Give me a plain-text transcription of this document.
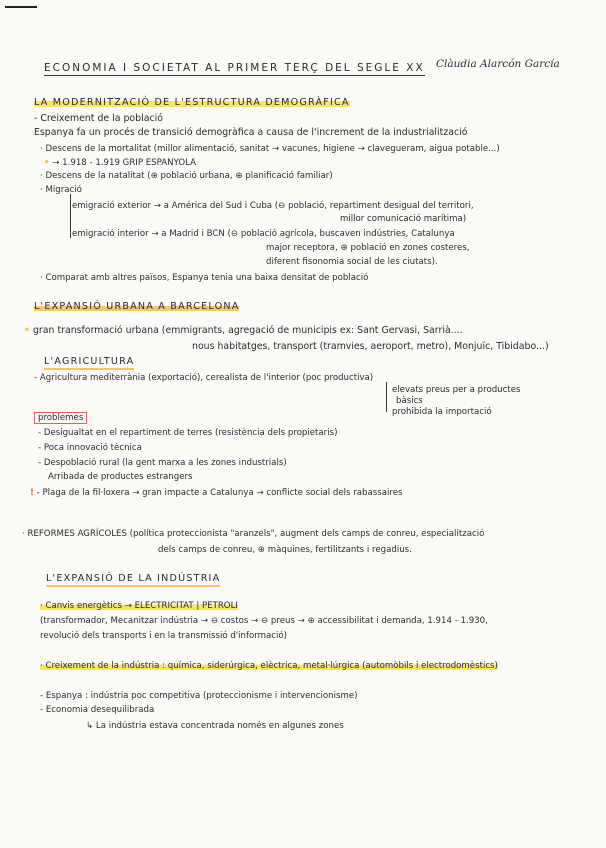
ECONOMIA I SOCIETAT AL PRIMER TERÇ DEL SEGLE XX Clàudia Alarcón García
LA MODERNITZACIÓ DE L'ESTRUCTURA DEMOGRÀFICA
- Creixement de la població
Espanya fa un procés de transició demogràfica a causa de l'increment de la industrialització
· Descens de la mortalitat (millor alimentació, sanitat → vacunes, higiene → clavegueram, aigua potable...)
• → 1.918 - 1.919 GRIP ESPANYOLA
· Descens de la natalitat (⊕ població urbana, ⊕ planificació familiar)
· Migració
emigració exterior → a América del Sud i Cuba (⊖ població, repartiment desigual del territori,
millor comunicació marítima)
emigració interior → a Madrid i BCN (⊖ població agrícola, buscaven indústries, Catalunya
major receptora, ⊕ població en zones costeres,
diferent fisonomia social de les ciutats).
· Comparat amb altres països, Espanya tenia una baixa densitat de població
L'EXPANSIÓ URBANA A BARCELONA
• gran transformació urbana (emmigrants, agregació de municipis ex: Sant Gervasi, Sarrià....
nous habitatges, transport (tramvies, aeroport, metro), Monjuïc, Tibidabo...)
L'AGRICULTURA
- Agricultura mediterrània (exportació), cerealista de l'interior (poc productiva)
elevats preus per a productes
bàsics
prohibida la importació
problemes
- Desigualtat en el repartiment de terres (resistència dels propietaris)
- Poca innovació tècnica
- Despoblació rural (la gent marxa a les zones industrials)
Arribada de productes estrangers
! - Plaga de la fil·loxera → gran impacte a Catalunya → conflicte social dels rabassaires
· REFORMES AGRÍCOLES (política proteccionista "aranzels", augment dels camps de conreu, especialització
dels camps de conreu, ⊕ màquines, fertilitzants i regadius.
L'EXPANSIÓ DE LA INDÚSTRIA
· Canvis energètics → ELECTRICITAT | PETROLI
(transformador, Mecanitzar indústria → ⊖ costos → ⊖ preus → ⊕ accessibilitat i demanda, 1.914 - 1.930,
revolució dels transports i en la transmissió d'informació)
· Creixement de la indústria : química, siderúrgica, elèctrica, metal·lúrgica (automòbils i electrodomèstics)
- Espanya : indústria poc competitiva (proteccionisme i intervencionisme)
- Economia desequilibrada
↳ La indústria estava concentrada només en algunes zones
